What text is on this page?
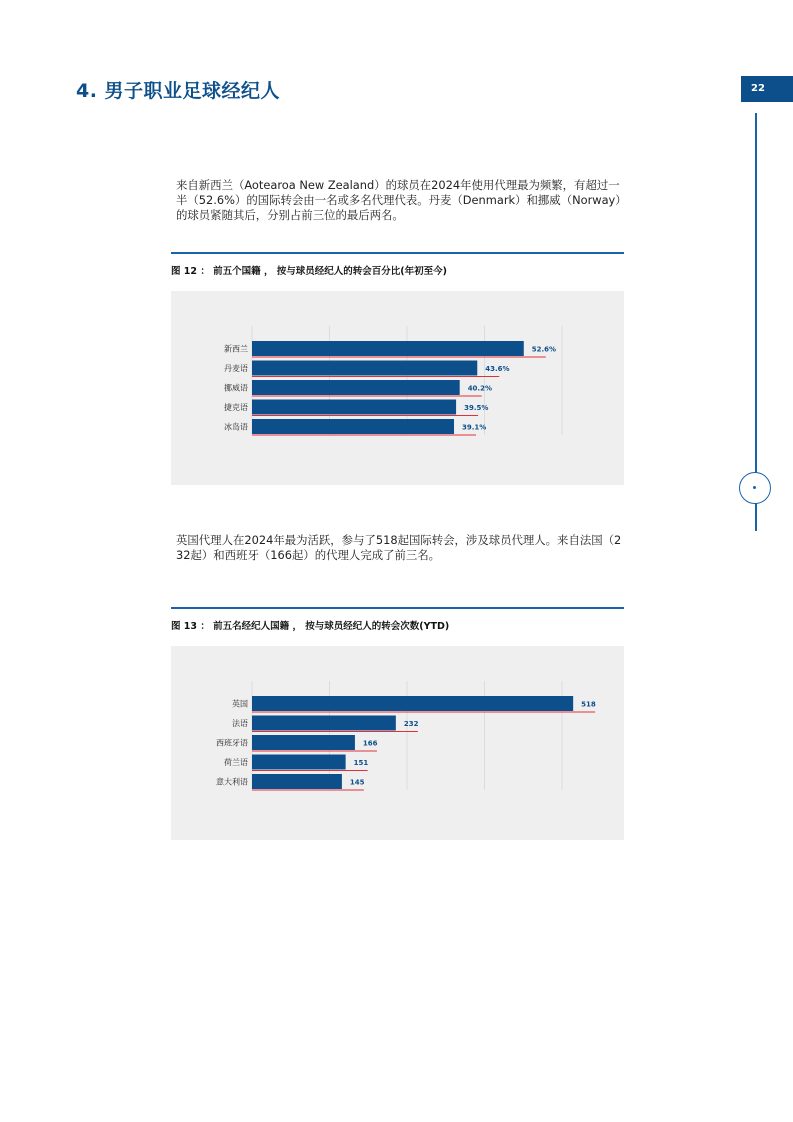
4. 男子职业足球经纪人	22
来自新西兰（Aotearoa New Zealand）的球员在2024年使用代理最为频繁，有超过一半（52.6%）的国际转会由一名或多名代理代表。丹麦（Denmark）和挪威（Norway）的球员紧随其后，分别占前三位的最后两名。
图 12 ： 前五个国籍 ， 按与球员经纪人的转会百分比(年初至今)
新西兰	52.6%
丹麦语	43.6%
挪威语	40.2%
捷克语	39.5%
冰岛语	39.1%
英国代理人在2024年最为活跃，参与了518起国际转会，涉及球员代理人。来自法国（232起）和西班牙（166起）的代理人完成了前三名。
图 13 ： 前五名经纪人国籍 ， 按与球员经纪人的转会次数(YTD)
英国	518
法语	232
西班牙语	166
荷兰语	151
意大利语	145
